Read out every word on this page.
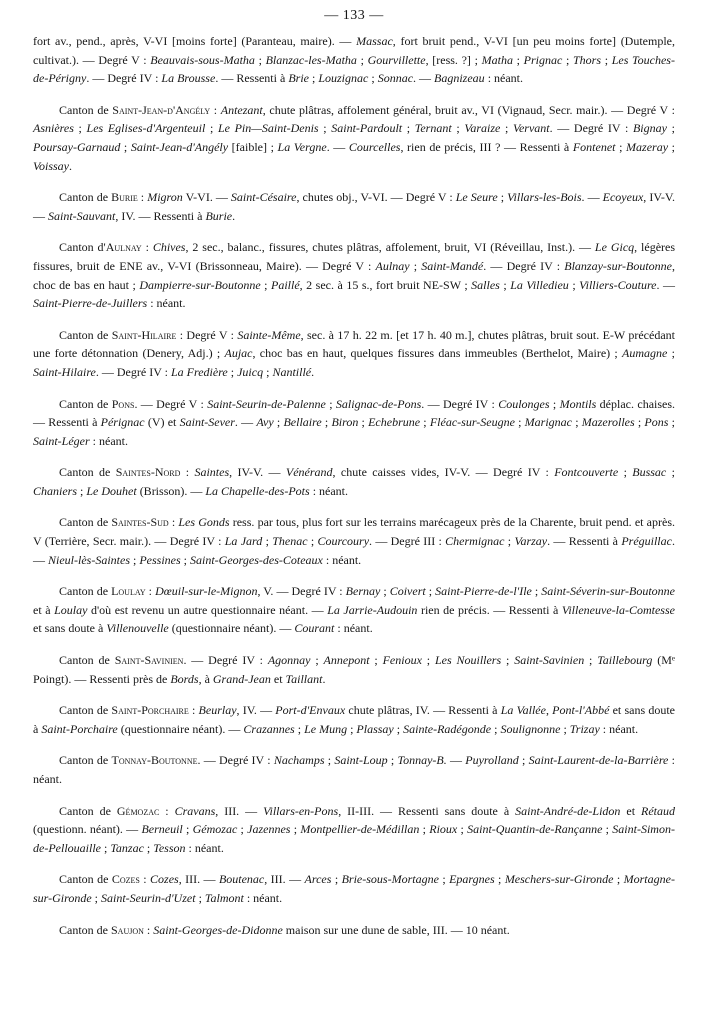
— 133 —

fort av., pend., après, V-VI [moins forte] (Paranteau, maire). — Massac, fort bruit pend., V-VI [un peu moins forte] (Dutemple, cultivat.). — Degré V : Beauvais-sous-Matha ; Blanzac-les-Matha ; Gourvillette, [ress. ?] ; Matha ; Prignac ; Thors ; Les Touches-de-Périgny. — Degré IV : La Brousse. — Ressenti à Brie ; Louzignac ; Sonnac. — Bagnizeau : néant.

Canton de Saint-Jean-d'Angély : Antezant, chute plâtras, affolement général, bruit av., VI (Vignaud, Secr. mair.). — Degré V : Asnières ; Les Eglises-d'Argenteuil ; Le Pin—Saint-Denis ; Saint-Pardoult ; Ternant ; Varaize ; Vervant. — Degré IV : Bignay ; Poursay-Garnaud ; Saint-Jean-d'Angély [faible] ; La Vergne. — Courcelles, rien de précis, III ? — Ressenti à Fontenet ; Mazeray ; Voissay.

Canton de Burie : Migron V-VI. — Saint-Césaire, chutes obj., V-VI. — Degré V : Le Seure ; Villars-les-Bois. — Ecoyeux, IV-V. — Saint-Sauvant, IV. — Ressenti à Burie.

Canton d'Aulnay : Chives, 2 sec., balanc., fissures, chutes plâtras, affolement, bruit, VI (Réveillau, Inst.). — Le Gicq, légères fissures, bruit de ENE av., V-VI (Brissonneau, Maire). — Degré V : Aulnay ; Saint-Mandé. — Degré IV : Blanzay-sur-Boutonne, choc de bas en haut ; Dampierre-sur-Boutonne ; Paillé, 2 sec. à 15 s., fort bruit NE-SW ; Salles ; La Villedieu ; Villiers-Couture. — Saint-Pierre-de-Juillers : néant.

Canton de Saint-Hilaire : Degré V : Sainte-Même, sec. à 17 h. 22 m. [et 17 h. 40 m.], chutes plâtras, bruit sout. E-W précédant une forte détonnation (Denery, Adj.) ; Aujac, choc bas en haut, quelques fissures dans immeubles (Berthelot, Maire) ; Aumagne ; Saint-Hilaire. — Degré IV : La Fredière ; Juicq ; Nantillé.

Canton de Pons. — Degré V : Saint-Seurin-de-Palenne ; Salignac-de-Pons. — Degré IV : Coulonges ; Montils déplac. chaises. — Ressenti à Pérignac (V) et Saint-Sever. — Avy ; Bellaire ; Biron ; Echebrune ; Fléac-sur-Seugne ; Marignac ; Mazerolles ; Pons ; Saint-Léger : néant.

Canton de Saintes-Nord : Saintes, IV-V. — Vénérand, chute caisses vides, IV-V. — Degré IV : Fontcouverte ; Bussac ; Chaniers ; Le Douhet (Brisson). — La Chapelle-des-Pots : néant.

Canton de Saintes-Sud : Les Gonds ress. par tous, plus fort sur les terrains marécageux près de la Charente, bruit pend. et après. V (Terrière, Secr. mair.). — Degré IV : La Jard ; Thenac ; Courcoury. — Degré III : Chermignac ; Varzay. — Ressenti à Préguillac. — Nieul-lès-Saintes ; Pessines ; Saint-Georges-des-Coteaux : néant.

Canton de Loulay : Dœuil-sur-le-Mignon, V. — Degré IV : Bernay ; Coivert ; Saint-Pierre-de-l'Ile ; Saint-Séverin-sur-Boutonne et à Loulay d'où est revenu un autre questionnaire néant. — La Jarrie-Audouin rien de précis. — Ressenti à Villeneuve-la-Comtesse et sans doute à Villenouvelle (questionnaire néant). — Courant : néant.

Canton de Saint-Savinien. — Degré IV : Agonnay ; Annepont ; Fenioux ; Les Nouillers ; Saint-Savinien ; Taillebourg (Mᵉ Poingt). — Ressenti près de Bords, à Grand-Jean et Taillant.

Canton de Saint-Porchaire : Beurlay, IV. — Port-d'Envaux chute plâtras, IV. — Ressenti à La Vallée, Pont-l'Abbé et sans doute à Saint-Porchaire (questionnaire néant). — Crazannes ; Le Mung ; Plassay ; Sainte-Radégonde ; Soulignonne ; Trizay : néant.

Canton de Tonnay-Boutonne. — Degré IV : Nachamps ; Saint-Loup ; Tonnay-B. — Puyrolland ; Saint-Laurent-de-la-Barrière : néant.

Canton de Gémozac : Cravans, III. — Villars-en-Pons, II-III. — Ressenti sans doute à Saint-André-de-Lidon et Rétaud (questionn. néant). — Berneuil ; Gémozac ; Jazennes ; Montpellier-de-Médillan ; Rioux ; Saint-Quantin-de-Rançanne ; Saint-Simon-de-Pellouaille ; Tanzac ; Tesson : néant.

Canton de Cozes : Cozes, III. — Boutenac, III. — Arces ; Brie-sous-Mortagne ; Epargnes ; Meschers-sur-Gironde ; Mortagne-sur-Gironde ; Saint-Seurin-d'Uzet ; Talmont : néant.

Canton de Saujon : Saint-Georges-de-Didonne maison sur une dune de sable, III. — 10 néant.
